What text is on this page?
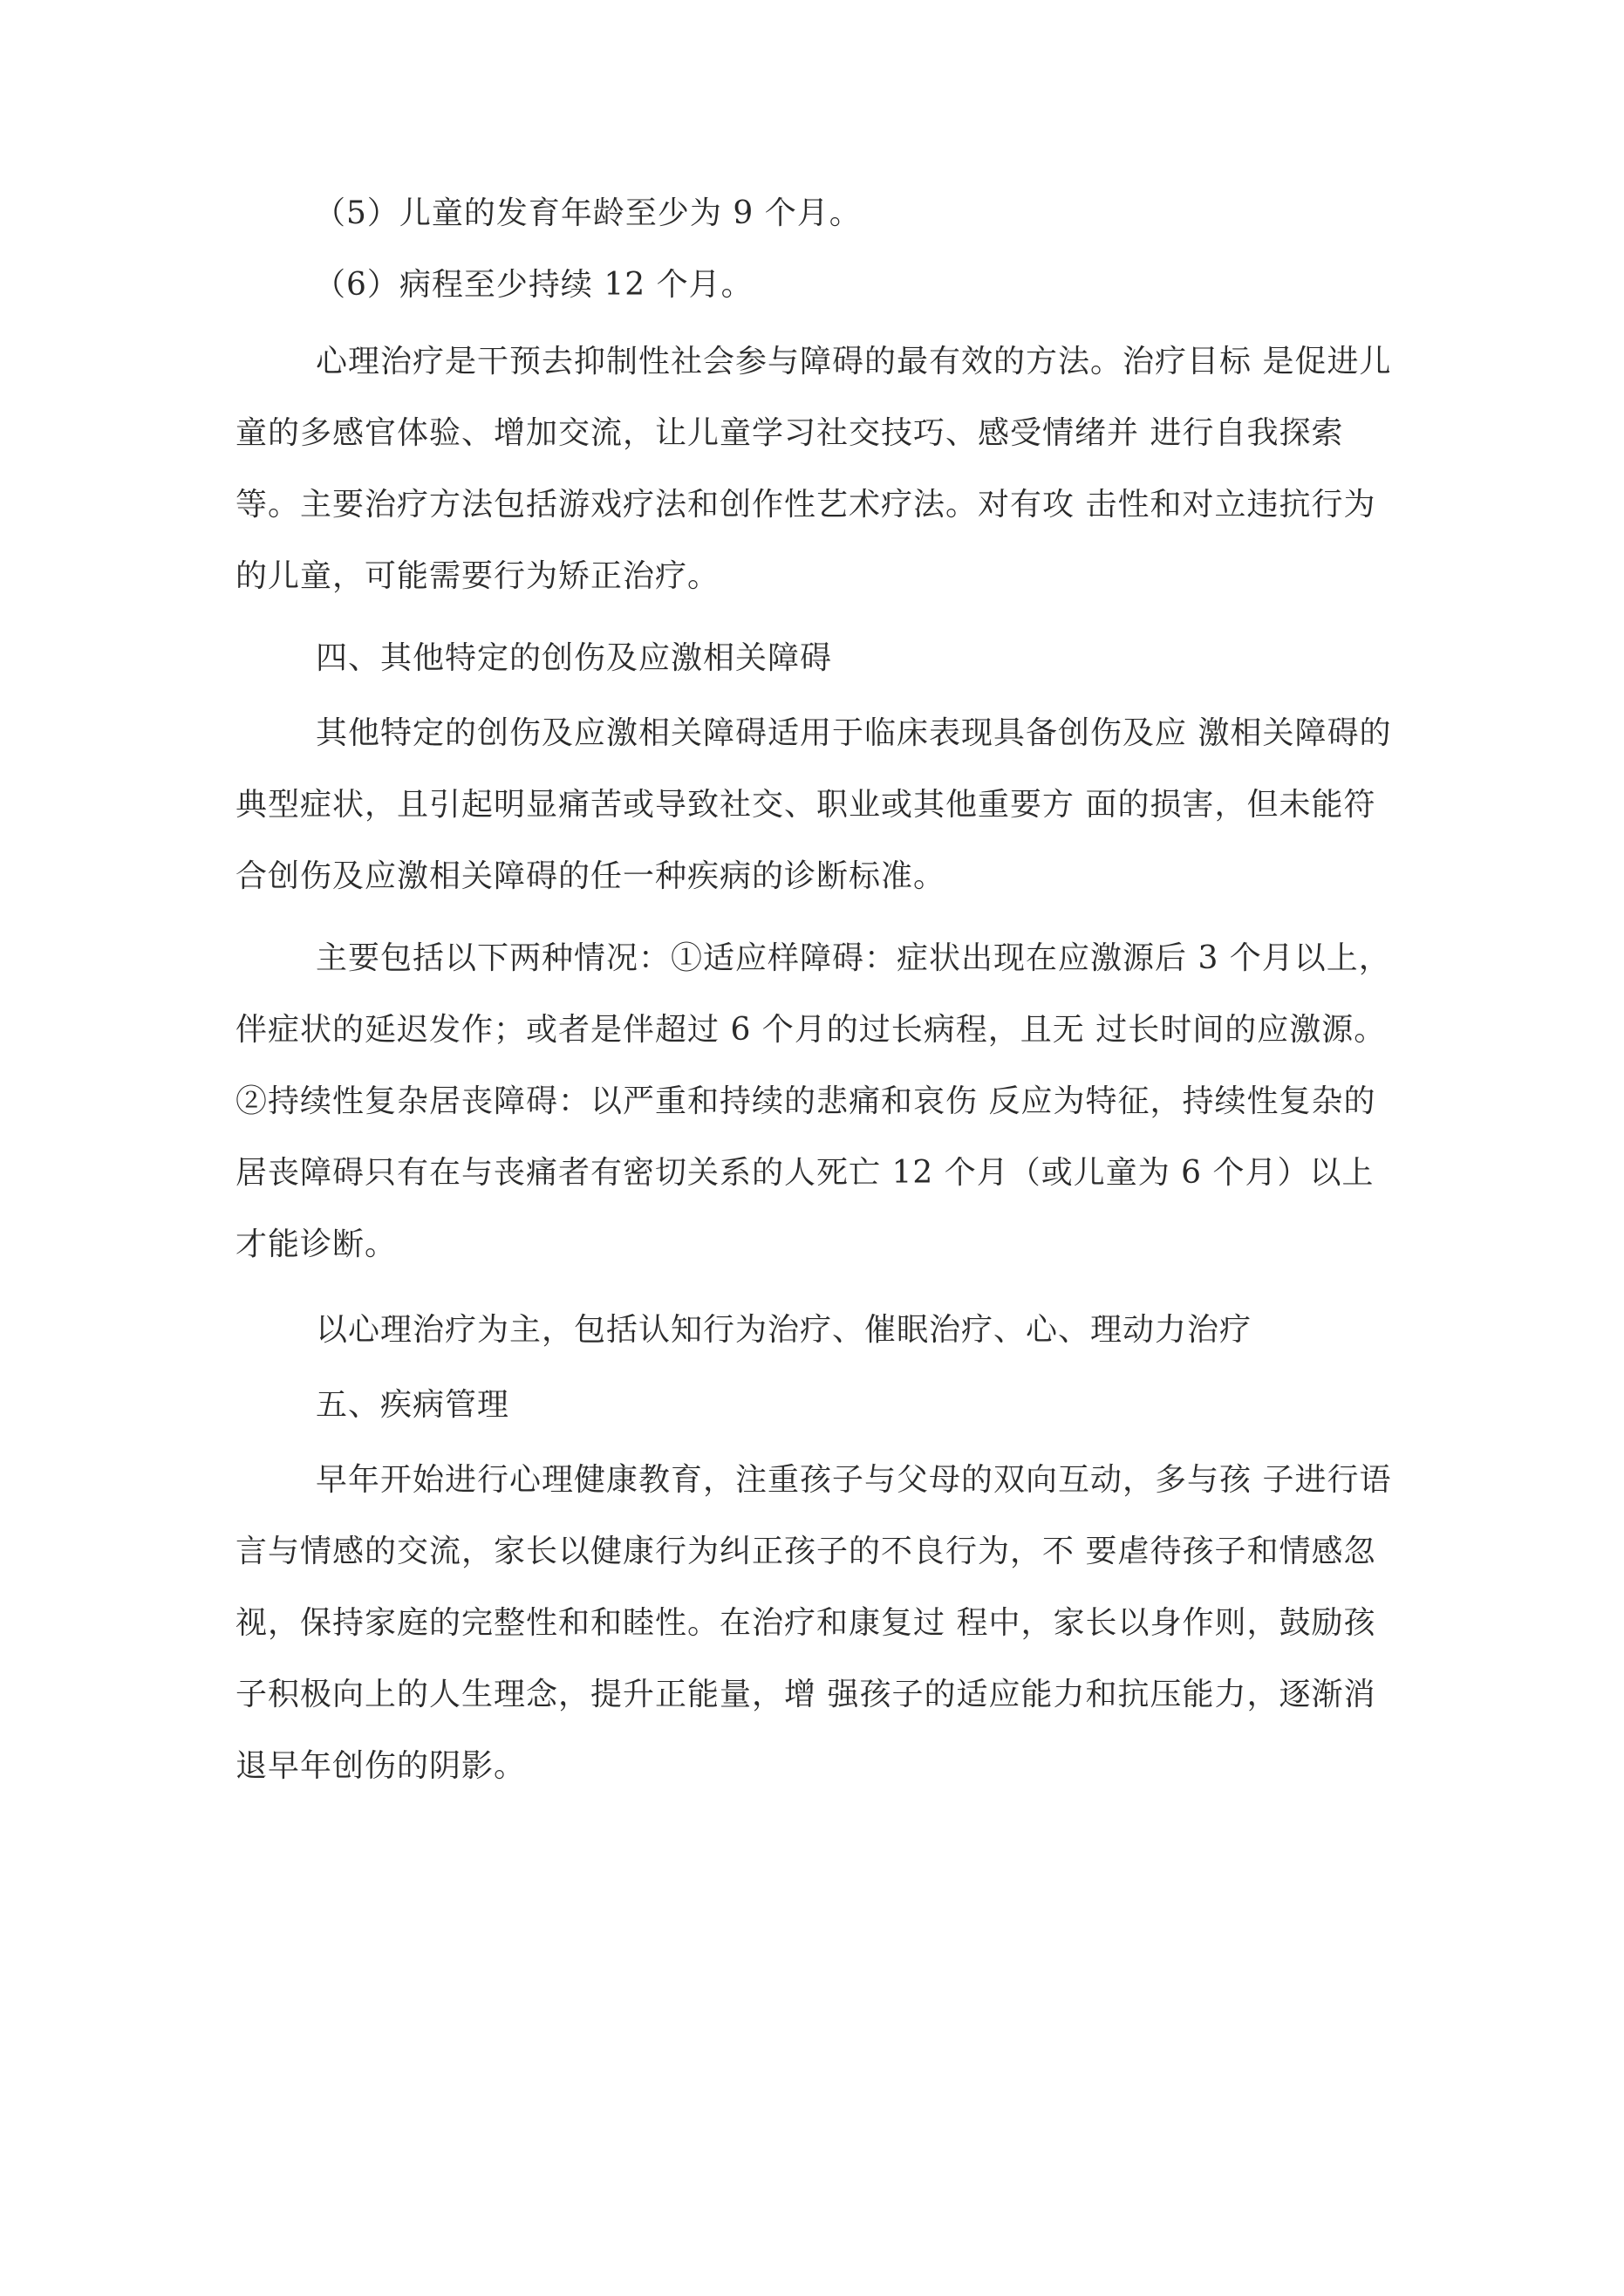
（5）儿童的发育年龄至少为 9 个月。

（6）病程至少持续 12 个月。

心理治疗是干预去抑制性社会参与障碍的最有效的方法。治疗目标 是促进儿童的多感官体验、增加交流，让儿童学习社交技巧、感受情绪并 进行自我探索等。主要治疗方法包括游戏疗法和创作性艺术疗法。对有攻 击性和对立违抗行为的儿童，可能需要行为矫正治疗。

四、其他特定的创伤及应激相关障碍

其他特定的创伤及应激相关障碍适用于临床表现具备创伤及应 激相关障碍的典型症状，且引起明显痛苦或导致社交、职业或其他重要方 面的损害，但未能符合创伤及应激相关障碍的任一种疾病的诊断标准。

主要包括以下两种情况：①适应样障碍：症状出现在应激源后 3 个月以上，伴症状的延迟发作；或者是伴超过 6 个月的过长病程，且无 过长时间的应激源。②持续性复杂居丧障碍：以严重和持续的悲痛和哀伤 反应为特征，持续性复杂的居丧障碍只有在与丧痛者有密切关系的人死亡 12 个月（或儿童为 6 个月）以上才能诊断。

以心理治疗为主，包括认知行为治疗、催眠治疗、心、理动力治疗

五、疾病管理

早年开始进行心理健康教育，注重孩子与父母的双向互动，多与孩 子进行语言与情感的交流，家长以健康行为纠正孩子的不良行为，不 要虐待孩子和情感忽视，保持家庭的完整性和和睦性。在治疗和康复过 程中，家长以身作则，鼓励孩子积极向上的人生理念，提升正能量，增 强孩子的适应能力和抗压能力，逐渐消退早年创伤的阴影。
